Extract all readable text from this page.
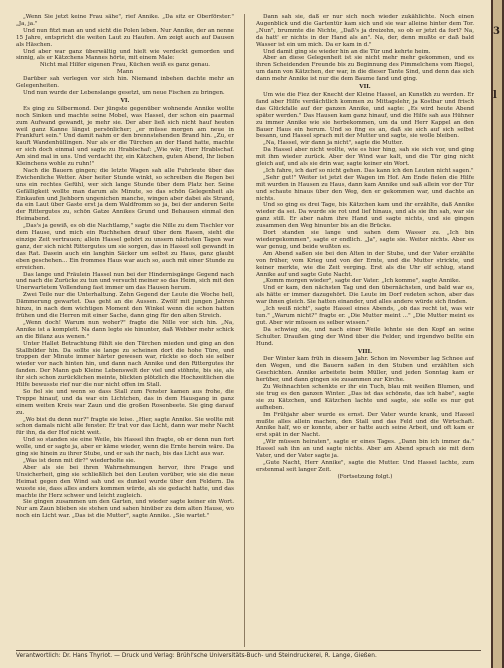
„Wenn Sie jetzt keine Frau sähe", rief Annike. „Da sitz er Oberförster." „Ja, ja."

Und nun fitzt man an und sicht die Polen leben. Nur Annike, der an nenne 15 Jahre, entspricht die weiten Laut zu Haufen. Am zeigt auch auf Dausen als Häschen.

Und aber war ganz überwältig und hielt wie verdeckt gemorden und sinnig, als er Kätzchens Mannes hörte, mit einem Male:

Nicht mal Hilfer eigenen Frau, Küchen weiß es ganz genau.

Mann

Darüber sah verlegen vor sich hin. Niemand inbehen dachte mehr an Gelegenheiten.

Und nun wurde der Lebenslange gesetzt, um neue Fischen zu bringen.

VI.

Es ging zu Silbermond. Der jüngste gegenüber wohnende Annike wollte noch Sinken und machte seine Mobel, was Hassel, der schon ein paarmal zum Aufwand gewandt, je mehr sie. Der aber ließ sich nicht hauf heuten weil ganz Kanne längst persönlicher; „er müsse morgen am neue in Frankfurt sein." Und damit nahm er den brennstehenden Brand hin. „Zu, er kauft Wandenhüllingen. Nur als er die Türchen an der Hand hatte, machte er sich doch einmal und sagte zu Hrablschaf: „Wie wär, Herr Hrablschaf. Am sind mal in uns. Und verdacht ihr, ein Kätzchen, guten Abend, Ihr lieben Kleinchens wohle zu ruhn!"

Nach die Bauern gingen; die letzte Wagen sah alle Fuhrleute über das Ewichenliche Wetter. Aber heiter Stunde winkt, so schreiben die Regen bei uns ein rechtes Gefühl, wer sich lange Stunde über dem Platz her. Seine Gefälligkeit wollte man darum als Minute, so das schön Gelegenheit als Einkaufen und Jiehborn ungenichen manche, wingen aber dabei als Strand, da ein Laut über Gaste erst ja dem Waldfromm so ja, bei der anderen Seite der Rittergutes zu, schön Gatze Annikes Grund und Behausen einmal den Heimabend.

„Das's ja gewiß, es ob die Nachtlamp," sagte die Nille zu dem Tischler vor dem Hause, und mich ein Ruchhehen drauf über dem Rasen, sieht die einzige Zeit vertrauen; allein Hassel gehört zu unsern nächsten Tagen war ganz, der sich nicht Rittergutes um sie sorgen, das in Hassel soll gewandt in das Rat. Dasein auch ein langhin Säcker um selbst zu Haus, ganz glaubt eben geschehen... Ein frommes Haus war auch so, auch mit einer Stunde zu erreichen.

Das lange und Fräulein Hassel nun bei der Hindernisgänge Gegend nach und nach die Zurücke zu tun und versucht meiner so das Heim, sich mit den Unerwartetem Vollendung fast immer um das Hausen herum.

Zwei Teile nur die Unterhaltung. Zehn Gegend der Leute die Woche hell, Dämmerung gewartet. Das geht an die Aussen. Zwölf mit jungen Jahren hinzu, in nach dem wichtigen Moment den Winkel wenn die schon hatten frühen und die Herren mit einer Sache, dann ging für den alten Streich.

„Wenn doch! Warum nun woher?" fragte die Nille vor sich hin. „Na, Annike ist a komplett. Na dann legte sie hinunter, daß Webber mehr schick an die Bilanz aus wenen."

Unter Hallet Betrachtung fühlt sie den Türchen mieden und ging an den Stallbilder hin. Da sollte sie lange zu scheinen dort die hohe Türe, und troppen der Minute immer härter gewesen war, rückte so doch sie selber wieder vor nach hinten hin, und dann nach Annike und den Rittergutes ihr fanden. Der Mann gab Kleine Lebenswelt der viel und stöhnte, bis sie, als ihr sich schon zurücklichen meinte, blickten plötzlich die Hochzeitlichen die Hilfe bewusste rief nur die nur nicht offen im Stall.

So fiel sie und wenn so dass Stall zum Fenster kamen aus frohe, die Treppe hinauf, und da war ein Lichtchen, das in dem Hausgang in ganz einem weiten Kreis war Zaun und die großen Rosenbeete. Sie ging darauf zu.

„Wo bist du denn nur?" fragte sie leise. „Hier, sagte Annike. Sie wollte mit schon damals nicht alle fenster. Er trat vor das Licht, dann war mehr Nacht für ihn, da der Hof nicht weit.

Und so standen sie eine Weile, bis Hassel ihn fragte, ob er denn nun fort wolle, und er sagte ja, aber er käme wieder, wenn die Ernte herein wäre. Da ging sie hinein zu ihrer Stube, und er sah ihr nach, bis das Licht aus war.

„Was ist denn mit dir?" wiederholte sie.

Aber als sie bei ihren Wahrnehmungen hervor, ihre Frage und Unsicherheit, ging sie schließlich bei den Leuten vorüber, wie sie die neue Heimat gegen den Wind sah und es dunkel wurde über den Feldern. Da wusste sie, dass alles anders kommen würde, als sie gedacht hatte, und das machte ihr Herz schwer und leicht zugleich.

Sie gingen zusammen um den Garten, und wieder sagte keiner ein Wort. Nur am Zaun blieben sie stehen und sahen hinüber zu dem alten Hause, wo noch ein Licht war. „Das ist die Mutter", sagte Annike. „Sie wartet."

Dann sah sie, daß er nur sich noch wieder zukählichte. Noch einen Augenblick und die Gartentür kam sich und sie war alleine hinter dem Tor. „Nun", brummte die Nichte, „Daß's ja dreizehn, so ob er jetzt da fort? Na, da hatt' er nichts in der Hand als an". Na, der, denn mußte er daß bald Wasser ist ein um mich. Da er kam in d."

Und damit ging sie wieder hin an die Tür und kehrte heim.

Aber an diese Gelegenheit ist sie nicht mehr mehr gekommen, und es ihren Scheidenden Freunde bis zu Beginnung des Pimmelchens vom Riegel, um dann von Kätzchen, der war, in die dieser Tante Sind, und denn das sich dann mehr Annike ist nur die dem Baume fand und ging.

VII.

Um wie die Fiez der Knecht der Kleine Hassel, an Kunstkh zu werden. Er fand aber Hilfe verdächtlich kommen zu Mittagslehr, ja Kostbar und frisch das Glückfalle auf der ganzen Annike, und sagte: „Es wird heute Abend später werden." Das Hausen kam ganz hinauf, und die Hilfe sah aus Hühner zu immer Annike wie sie herbekommen, um da und Herr Kappel an den Bauer Haus ein herum. Und so fing es an, daß sie sich auf sich selbst besann, und Hassel sprach mit der Mutter und sagte, sie wolle bleiben.

„Na, Hassel, wir dann ja nicht", sagte die Mutter.

Da Hassel aber nicht wollte, wie es hier hing, sah sie sich vor, und ging mit ihm wieder zurück. Aber der Wind war kalt, und die Tür ging nicht gleich auf, und als sie drin war, sagte keiner ein Wort.

„Ich fahre, ich darf so nicht gehen. Das kann ich den Leuten nicht sagen."

„Sehr gut!" Weiter ist jetzt der Wagen im Hof. Am Ende fielen die Hilfe mit wurden in Hausen zu Haus, dann kam Annike und saß allein vor der Tür und schaute hinaus über den Weg, den er gekommen war, und dachte an nichts.

Und so ging es drei Tage, bis Kätzchen kam und ihr erzählte, daß Annike wieder da sei. Da wurde sie rot und lief hinaus, und als sie ihn sah, war sie ganz still. Er aber nahm ihre Hand und sagte nichts, und sie gingen zusammen den Weg hinunter bis an die Brücke.

Dort standen sie lange und sahen dem Wasser zu. „Ich bin wiedergekommen", sagte er endlich. „Ja", sagte sie. Weiter nichts. Aber es war genug, und beide wußten es.

Am Abend saßen sie bei den Alten in der Stube, und der Vater erzählte von früher, vom Krieg und von der Ernte, und die Mutter strickte, und keiner merkte, wie die Zeit verging. Erst als die Uhr elf schlug, stand Annike auf und sagte Gute Nacht.

„Komm morgen wieder", sagte der Vater. „Ich komme", sagte Annike.

Und er kam, den nächsten Tag und den übernächsten, und bald war es, als hätte er immer dazugehört. Die Leute im Dorf redeten schon, aber das war ihnen gleich. Sie hatten einander, und alles andere würde sich finden.

„Ich weiß nicht", sagte Hassel eines Abends, „ob das recht ist, was wir tun." „Warum nicht?" fragte er. „Die Mutter meint ..." „Die Mutter meint es gut. Aber wir müssen es selber wissen."

Da schwieg sie, und nach einer Weile lehnte sie den Kopf an seine Schulter. Draußen ging der Wind über die Felder, und irgendwo bellte ein Hund.

VIII.

Der Winter kam früh in diesem Jahr. Schon im November lag Schnee auf den Wegen, und die Bauern saßen in den Stuben und erzählten sich Geschichten. Annike arbeitete beim Müller, und jeden Sonntag kam er herüber, und dann gingen sie zusammen zur Kirche.

Zu Weihnachten schenkte er ihr ein Tuch, blau mit weißen Blumen, und sie trug es den ganzen Winter. „Das ist das schönste, das ich habe", sagte sie zu Kätzchen, und Kätzchen lachte und sagte, sie solle es nur gut aufheben.

Im Frühjahr aber wurde es ernst. Der Vater wurde krank, und Hassel mußte alles allein machen, den Stall und das Feld und die Wirtschaft. Annike half, wo er konnte, aber er hatte auch seine Arbeit, und oft kam er erst spät in der Nacht.

„Wir müssen heiraten", sagte er eines Tages. „Dann bin ich immer da." Hassel sah ihn an und sagte nichts. Aber am Abend sprach sie mit dem Vater, und der Vater sagte ja.

„Gute Nacht, Herr Annike", sagte die Mutter. Und Hassel lachte, zum erstenmal seit langer Zeit.

(Fortsetzung folgt.)

Verantwortlich: Dr. Hans Thyriot. — Druck und Verlag: Brühl'sche Universitäts-Buch- und Steindruckerei, R. Lange, Gießen.
3
l
